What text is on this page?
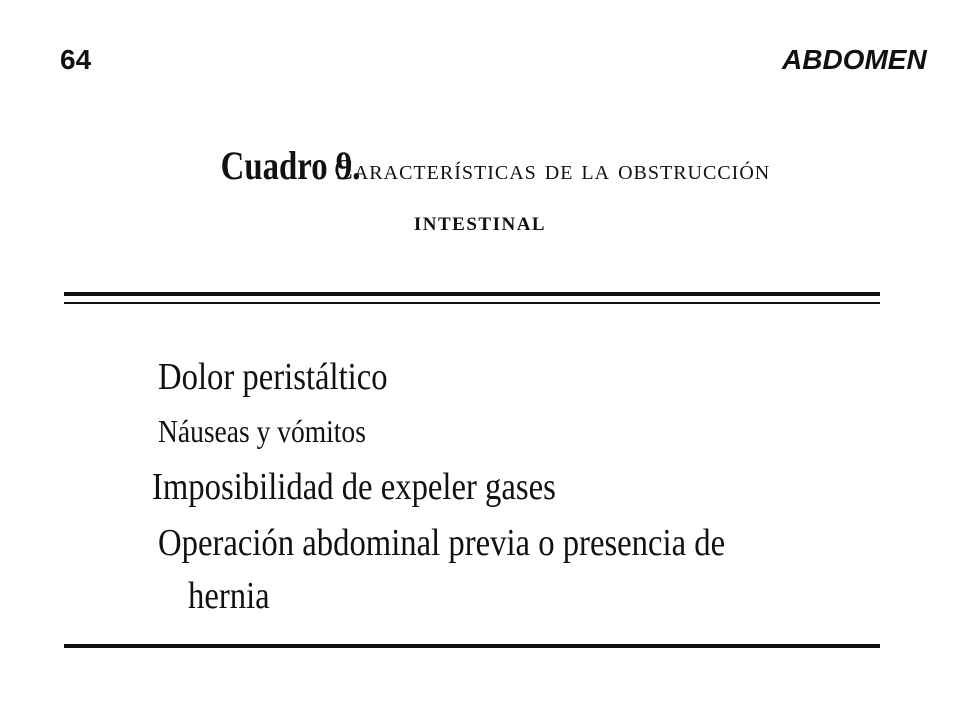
64	ABDOMEN
Cuadro 9. Características de la obstrucción
INTESTINAL
Dolor peristáltico
Náuseas y vómitos
Imposibilidad de expeler gases
Operación abdominal previa o presencia de
hernia
